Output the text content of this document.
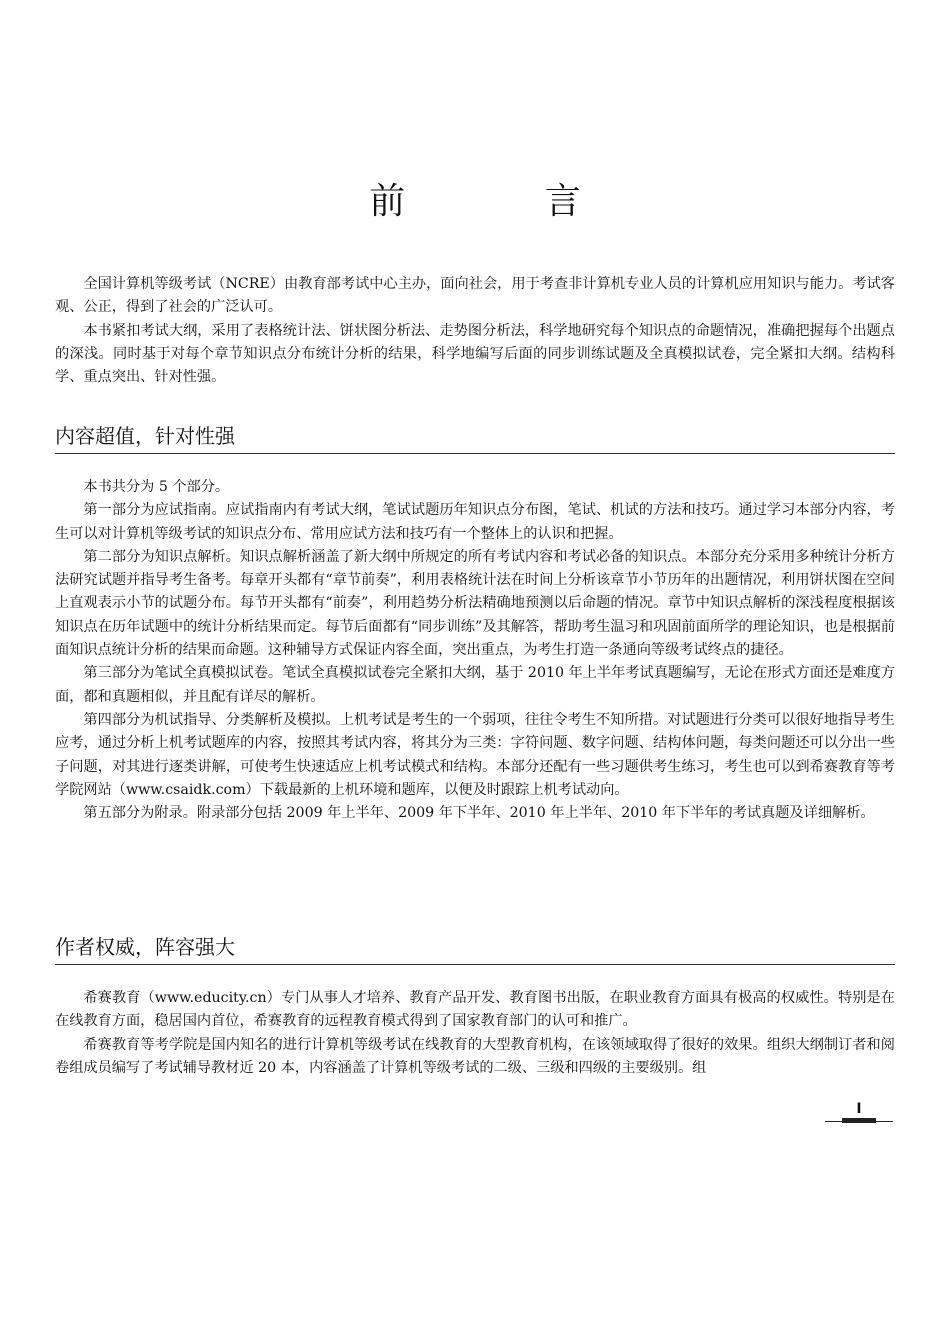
前 言

全国计算机等级考试（NCRE）由教育部考试中心主办，面向社会，用于考查非计算机专业人员的计算机应用知识与能力。考试客观、公正，得到了社会的广泛认可。

本书紧扣考试大纲，采用了表格统计法、饼状图分析法、走势图分析法，科学地研究每个知识点的命题情况，准确把握每个出题点的深浅。同时基于对每个章节知识点分布统计分析的结果，科学地编写后面的同步训练试题及全真模拟试卷，完全紧扣大纲。结构科学、重点突出、针对性强。

内容超值，针对性强

本书共分为 5 个部分。

第一部分为应试指南。应试指南内有考试大纲，笔试试题历年知识点分布图，笔试、机试的方法和技巧。通过学习本部分内容，考生可以对计算机等级考试的知识点分布、常用应试方法和技巧有一个整体上的认识和把握。

第二部分为知识点解析。知识点解析涵盖了新大纲中所规定的所有考试内容和考试必备的知识点。本部分充分采用多种统计分析方法研究试题并指导考生备考。每章开头都有“章节前奏”，利用表格统计法在时间上分析该章节小节历年的出题情况，利用饼状图在空间上直观表示小节的试题分布。每节开头都有“前奏”，利用趋势分析法精确地预测以后命题的情况。章节中知识点解析的深浅程度根据该知识点在历年试题中的统计分析结果而定。每节后面都有“同步训练”及其解答，帮助考生温习和巩固前面所学的理论知识，也是根据前面知识点统计分析的结果而命题。这种辅导方式保证内容全面，突出重点，为考生打造一条通向等级考试终点的捷径。

第三部分为笔试全真模拟试卷。笔试全真模拟试卷完全紧扣大纲，基于 2010 年上半年考试真题编写，无论在形式方面还是难度方面，都和真题相似，并且配有详尽的解析。

第四部分为机试指导、分类解析及模拟。上机考试是考生的一个弱项，往往令考生不知所措。对试题进行分类可以很好地指导考生应考，通过分析上机考试题库的内容，按照其考试内容，将其分为三类：字符问题、数字问题、结构体问题，每类问题还可以分出一些子问题，对其进行逐类讲解，可使考生快速适应上机考试模式和结构。本部分还配有一些习题供考生练习，考生也可以到希赛教育等考学院网站（www.csaidk.com）下载最新的上机环境和题库，以便及时跟踪上机考试动向。

第五部分为附录。附录部分包括 2009 年上半年、2009 年下半年、2010 年上半年、2010 年下半年的考试真题及详细解析。

作者权威，阵容强大

希赛教育（www.educity.cn）专门从事人才培养、教育产品开发、教育图书出版，在职业教育方面具有极高的权威性。特别是在在线教育方面，稳居国内首位，希赛教育的远程教育模式得到了国家教育部门的认可和推广。

希赛教育等考学院是国内知名的进行计算机等级考试在线教育的大型教育机构，在该领域取得了很好的效果。组织大纲制订者和阅卷组成员编写了考试辅导教材近 20 本，内容涵盖了计算机等级考试的二级、三级和四级的主要级别。组

I
